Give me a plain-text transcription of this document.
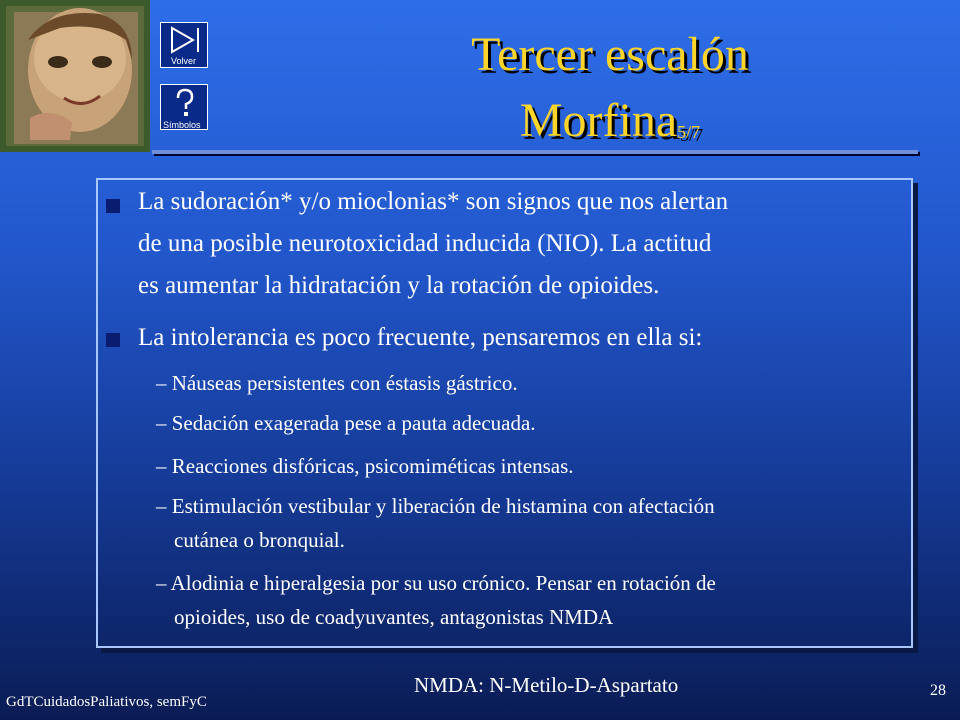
Volver
Símbolos
Tercer escalón
Morfina5/7
La sudoración* y/o mioclonias* son signos que nos alertan
de una posible neurotoxicidad inducida (NIO). La actitud
es aumentar la hidratación y la rotación de opioides.
La intolerancia es poco frecuente, pensaremos en ella si:
– Náuseas persistentes con éstasis gástrico.
– Sedación exagerada pese a pauta adecuada.
– Reacciones disfóricas, psicomiméticas intensas.
– Estimulación vestibular y liberación de histamina con afectación
cutánea o bronquial.
– Alodinia e hiperalgesia por su uso crónico. Pensar en rotación de
opioides, uso de coadyuvantes, antagonistas NMDA
NMDA: N-Metilo-D-Aspartato
GdTCuidadosPaliativos, semFyC
28
